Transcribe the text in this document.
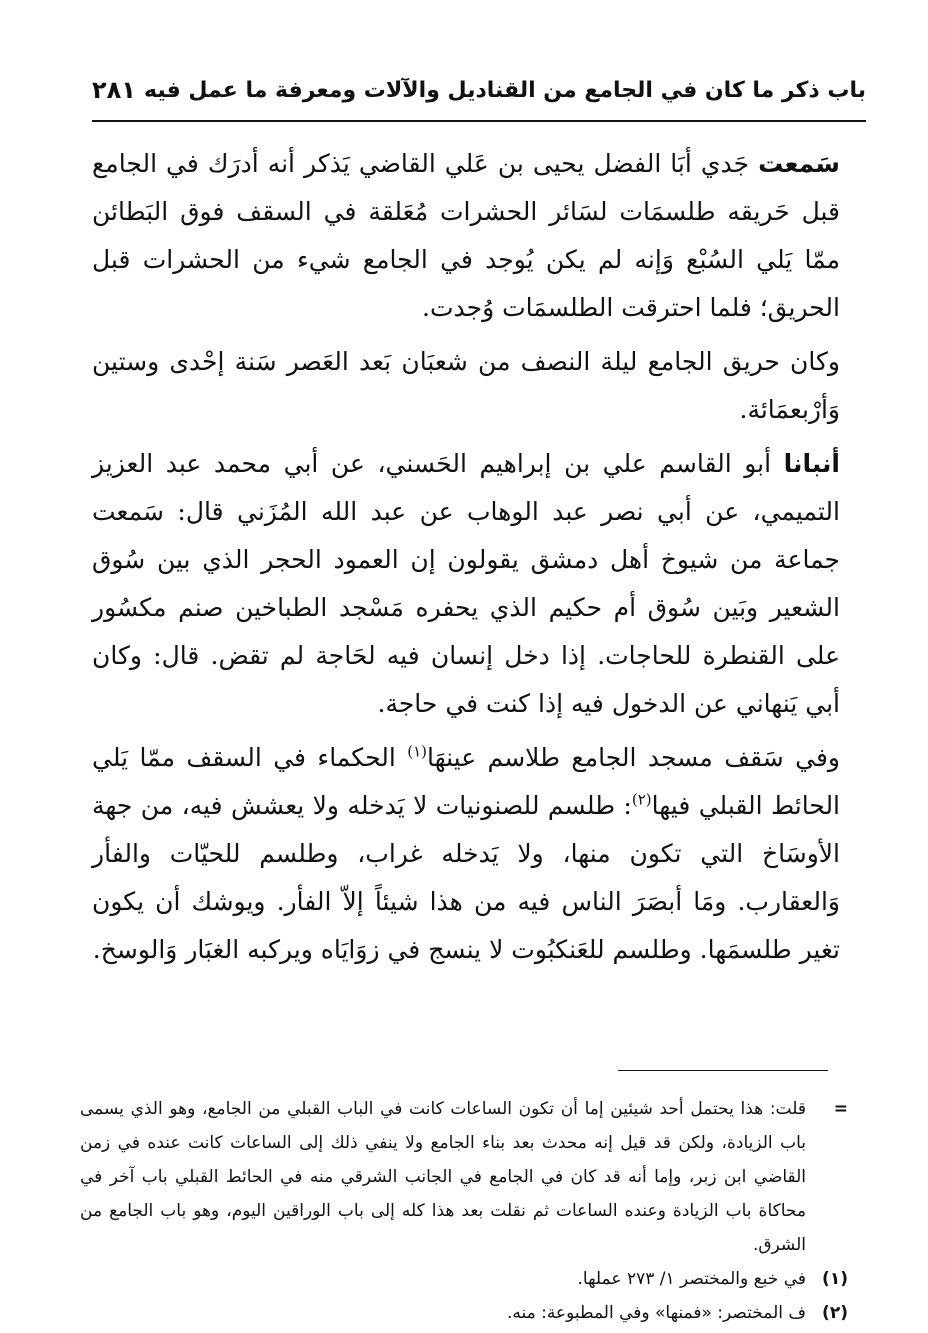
باب ذكر ما كان في الجامع من القناديل والآلات ومعرفة ما عمل فيه
٢٨١

سَمعت جَدي أبَا الفضل يحيى بن عَلي القاضي يَذكر أنه أدرَك في الجامع قبل حَريقه طلسمَات لسَائر الحشرات مُعَلقة في السقف فوق البَطائن ممّا يَلي السُبْع وَإنه لم يكن يُوجد في الجامع شيء من الحشرات قبل الحريق؛ فلما احترقت الطلسمَات وُجدت.

وكان حريق الجامع ليلة النصف من شعبَان بَعد العَصر سَنة إحْدى وستين وَأرْبعمَائة.

أنبانا أبو القاسم علي بن إبراهيم الحَسني، عن أبي محمد عبد العزيز التميمي، عن أبي نصر عبد الوهاب عن عبد الله المُزَني قال: سَمعت جماعة من شيوخ أهل دمشق يقولون إن العمود الحجر الذي بين سُوق الشعير وبَين سُوق أم حكيم الذي يحفره مَسْجد الطباخين صنم مكسُور على القنطرة للحاجات. إذا دخل إنسان فيه لحَاجة لم تقض. قال: وكان أبي يَنهاني عن الدخول فيه إذا كنت في حاجة.

وفي سَقف مسجد الجامع طلاسم عينهَا$^{(١)}$ الحكماء في السقف ممّا يَلي الحائط القبلي فيها$^{(٢)}$: طلسم للصنونيات لا يَدخله ولا يعشش فيه، من جهة الأوسَاخ التي تكون منها، ولا يَدخله غراب، وطلسم للحيّات والفأر وَالعقارب. ومَا أبصَرَ الناس فيه من هذا شيئاً إلاّ الفأر. ويوشك أن يكون تغير طلسمَها. وطلسم للعَنكبُوت لا ينسج في زوَايَاه ويركبه الغبَار وَالوسخ.

=
قلت: هذا يحتمل أحد شيئين إما أن تكون الساعات كانت في الباب القبلي من الجامع، وهو الذي يسمى باب الزيادة، ولكن قد قيل إنه محدث بعد بناء الجامع ولا ينفي ذلك إلى الساعات كانت عنده في زمن القاضي ابن زبر، وإما أنه قد كان في الجامع في الجانب الشرقي منه في الحائط القبلي باب آخر في محاكاة باب الزيادة وعنده الساعات ثم نقلت بعد هذا كله إلى باب الوراقين اليوم، وهو باب الجامع من الشرق.

(١)
في خبع والمختصر ١/ ٢٧٣ عملها.

(٢)
ف المختصر: «فمنها» وفي المطبوعة: منه.
